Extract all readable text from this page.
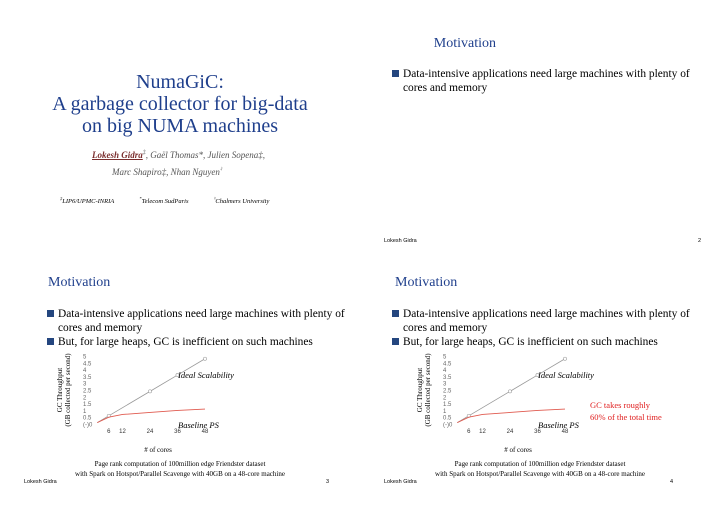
NumaGiC:
A garbage collector for big-data
on big NUMA machines
Lokesh Gidra‡, Gaël Thomas*, Julien Sopena‡,
Marc Shapiro‡, Nhan Nguyen♮
‡LIP6/UPMC-INRIA	*Telecom SudParis	♮Chalmers University
Motivation
Data-intensive applications need large machines with plenty of cores and memory
Lokesh Gidra	2
Motivation
Data-intensive applications need large machines with plenty of cores and memory
But, for large heaps, GC is inefficient on such machines
5
4.5
4
3.5
3
2.5
2
1.5
1
0.5
(-)0
6 12	24	36	48
# of cores
GC Throughput (GB collected per second)	Ideal Scalability
Baseline PS
Page rank computation of 100million edge Friendster dataset
with Spark on Hotspot/Parallel Scavenge with 40GB on a 48-core machine
Lokesh Gidra	3
Motivation
Data-intensive applications need large machines with plenty of cores and memory
But, for large heaps, GC is inefficient on such machines
5
4.5
4
3.5
3
2.5
2
1.5
1
0.5
(-)0
6 12	24	36	48
# of cores
GC Throughput (GB collected per second)	Ideal Scalability
Baseline PS
GC takes roughly
60% of the total time
Page rank computation of 100million edge Friendster dataset
with Spark on Hotspot/Parallel Scavenge with 40GB on a 48-core machine
Lokesh Gidra	4
